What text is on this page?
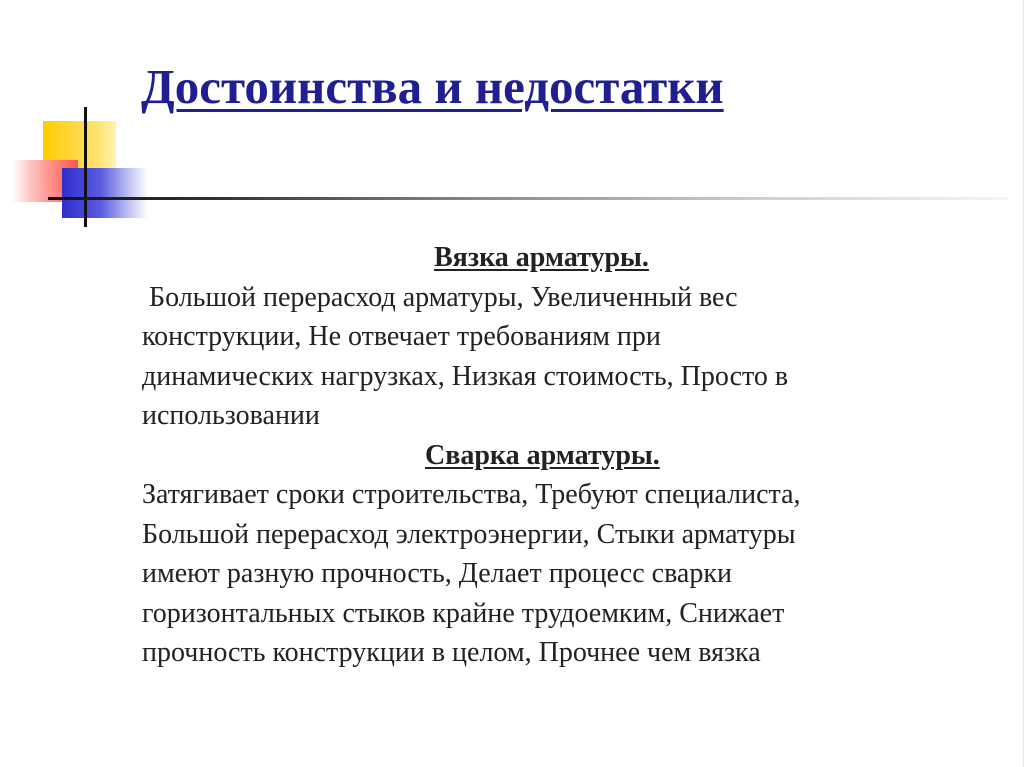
Достоинства и недостатки
Вязка арматуры.
Большой перерасход арматуры, Увеличенный вес
конструкции, Не отвечает требованиям при
динамических нагрузках, Низкая стоимость, Просто в
использовании
Сварка арматуры.
Затягивает сроки строительства, Требуют специалиста,
Большой перерасход электроэнергии, Стыки арматуры
имеют разную прочность, Делает процесс сварки
горизонтальных стыков крайне трудоемким, Снижает
прочность конструкции в целом, Прочнее чем вязка
